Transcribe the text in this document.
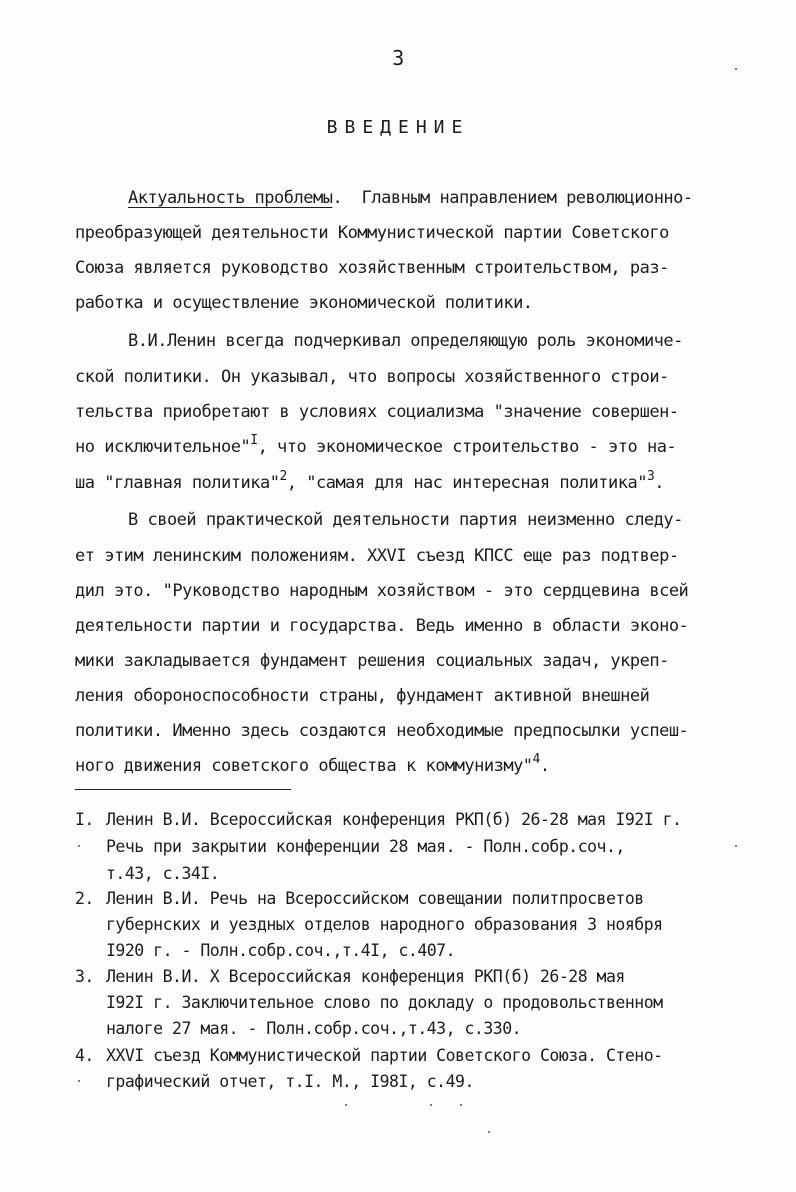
3
ВВЕДЕНИЕ
Актуальность проблемы.  Главным направлением революционно-
преобразующей деятельности Коммунистической партии Советского
Союза является руководство хозяйственным строительством, раз-
работка и осуществление экономической политики.
В.И.Ленин всегда подчеркивал определяющую роль экономиче-
ской политики. Он указывал, что вопросы хозяйственного строи-
тельства приобретают в условиях социализма "значение совершен-
но исключительное"$^I$, что экономическое строительство - это на-
ша "главная политика"$^2$, "самая для нас интересная политика"$^3$.
В своей практической деятельности партия неизменно следу-
ет этим ленинским положениям. XXVI съезд КПСС еще раз подтвер-
дил это. "Руководство народным хозяйством - это сердцевина всей
деятельности партии и государства. Ведь именно в области эконо-
мики закладывается фундамент решения социальных задач, укреп-
ления обороноспособности страны, фундамент активной внешней
политики. Именно здесь создаются необходимые предпосылки успеш-
ного движения советского общества к коммунизму"$^4$.
I. Ленин В.И. Всероссийская конференция РКП(б) 26-28 мая I92I г.
Речь при закрытии конференции 28 мая. - Полн.собр.соч.,
т.43, с.34I.
2. Ленин В.И. Речь на Всероссийском совещании политпросветов
губернских и уездных отделов народного образования 3 ноября
I920 г. - Полн.собр.соч.,т.4I, с.407.
3. Ленин В.И. X Всероссийская конференция РКП(б) 26-28 мая
I92I г. Заключительное слово по докладу о продовольственном
налоге 27 мая. - Полн.собр.соч.,т.43, с.330.
4. XXVI съезд Коммунистической партии Советского Союза. Стено-
графический отчет, т.I. М., I98I, с.49.
